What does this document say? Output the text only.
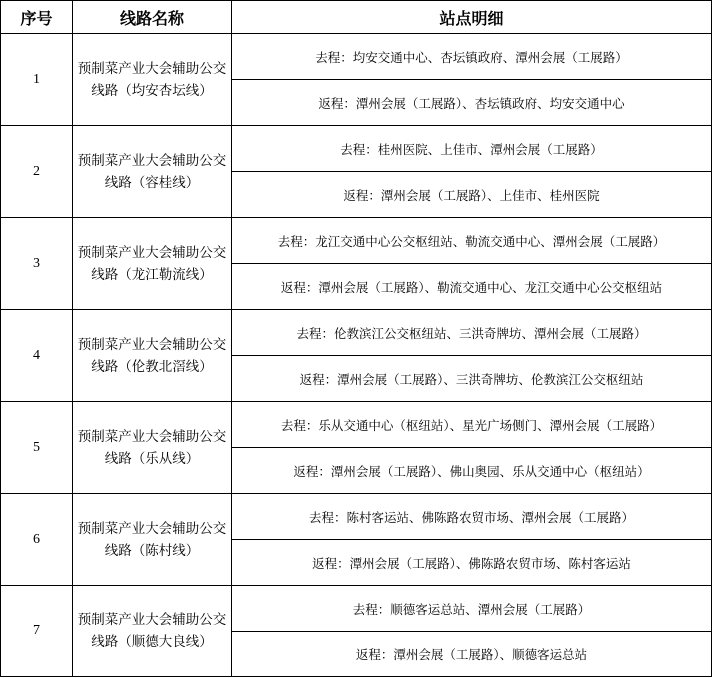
序号	线路名称	站点明细
1	预制菜产业大会辅助公交线路（均安杏坛线）	去程：均安交通中心、杏坛镇政府、潭州会展（工展路）
		返程：潭州会展（工展路）、杏坛镇政府、均安交通中心
2	预制菜产业大会辅助公交线路（容桂线）	去程：桂州医院、上佳市、潭州会展（工展路）
		返程：潭州会展（工展路）、上佳市、桂州医院
3	预制菜产业大会辅助公交线路（龙江勒流线）	去程：龙江交通中心公交枢纽站、勒流交通中心、潭州会展（工展路）
		返程：潭州会展（工展路）、勒流交通中心、龙江交通中心公交枢纽站
4	预制菜产业大会辅助公交线路（伦教北滘线）	去程：伦教滨江公交枢纽站、三洪奇牌坊、潭州会展（工展路）
		返程：潭州会展（工展路）、三洪奇牌坊、伦教滨江公交枢纽站
5	预制菜产业大会辅助公交线路（乐从线）	去程：乐从交通中心（枢纽站）、星光广场侧门、潭州会展（工展路）
		返程：潭州会展（工展路）、佛山奥园、乐从交通中心（枢纽站）
6	预制菜产业大会辅助公交线路（陈村线）	去程：陈村客运站、佛陈路农贸市场、潭州会展（工展路）
		返程：潭州会展（工展路）、佛陈路农贸市场、陈村客运站
7	预制菜产业大会辅助公交线路（顺德大良线）	去程：顺德客运总站、潭州会展（工展路）
		返程：潭州会展（工展路）、顺德客运总站
